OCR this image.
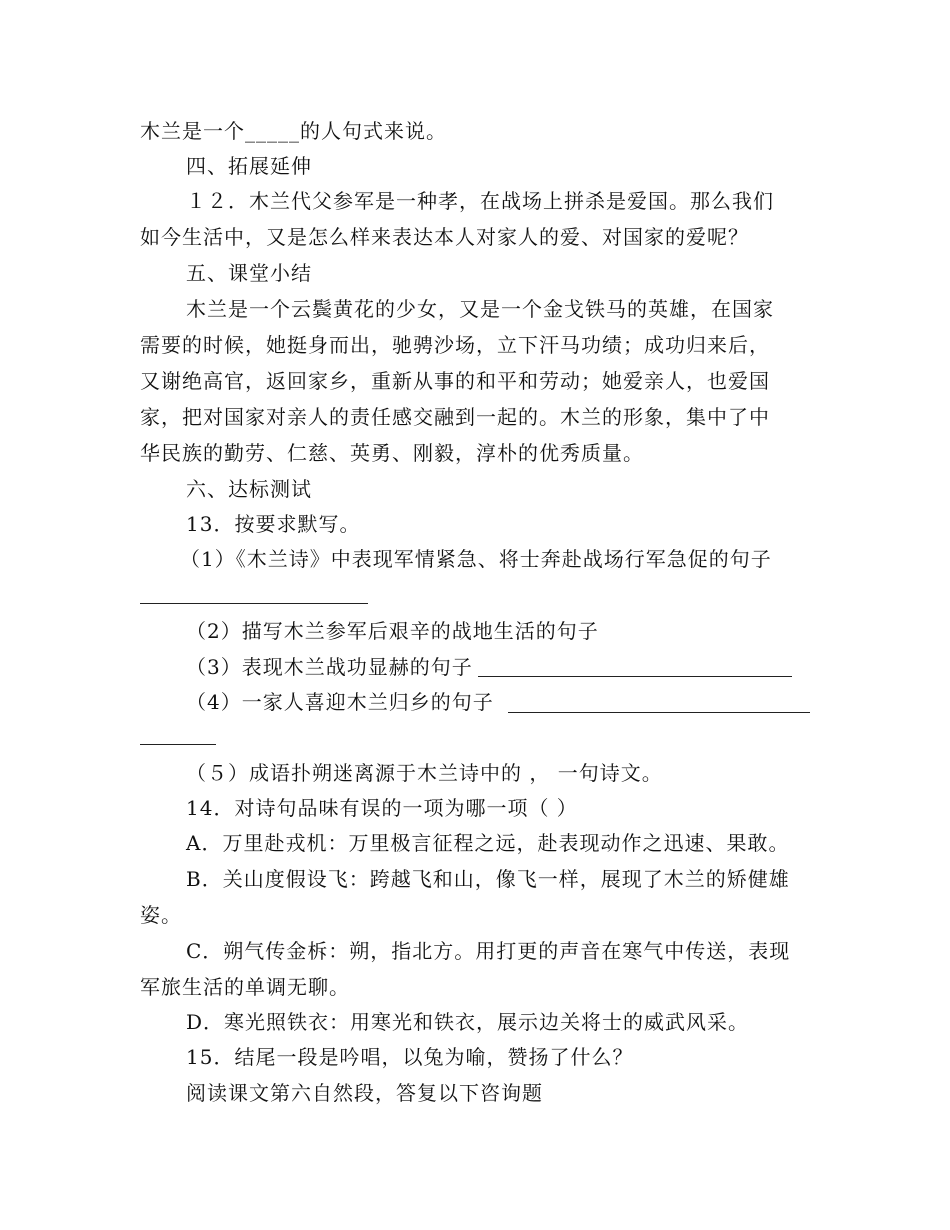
木兰是一个_____的人句式来说。
四、拓展延伸
１２．木兰代父参军是一种孝，在战场上拼杀是爱国。那么我们
如今生活中，又是怎么样来表达本人对家人的爱、对国家的爱呢？
五、课堂小结
木兰是一个云鬓黄花的少女，又是一个金戈铁马的英雄，在国家
需要的时候，她挺身而出，驰骋沙场，立下汗马功绩；成功归来后，
又谢绝高官，返回家乡，重新从事的和平和劳动；她爱亲人，也爱国
家，把对国家对亲人的责任感交融到一起的。木兰的形象，集中了中
华民族的勤劳、仁慈、英勇、刚毅，淳朴的优秀质量。
六、达标测试
13．按要求默写。
（1）《木兰诗》中表现军情紧急、将士奔赴战场行军急促的句子
（2）描写木兰参军后艰辛的战地生活的句子
（3）表现木兰战功显赫的句子
（4）一家人喜迎木兰归乡的句子
（５）成语扑朔迷离源于木兰诗中的 ， 一句诗文。
14．对诗句品味有误的一项为哪一项（ ）
A．万里赴戎机：万里极言征程之远，赴表现动作之迅速、果敢。
B．关山度假设飞：跨越飞和山，像飞一样，展现了木兰的矫健雄
姿。
C．朔气传金柝：朔，指北方。用打更的声音在寒气中传送，表现
军旅生活的单调无聊。
D．寒光照铁衣：用寒光和铁衣，展示边关将士的威武风采。
15．结尾一段是吟唱，以兔为喻，赞扬了什么？
阅读课文第六自然段，答复以下咨询题
